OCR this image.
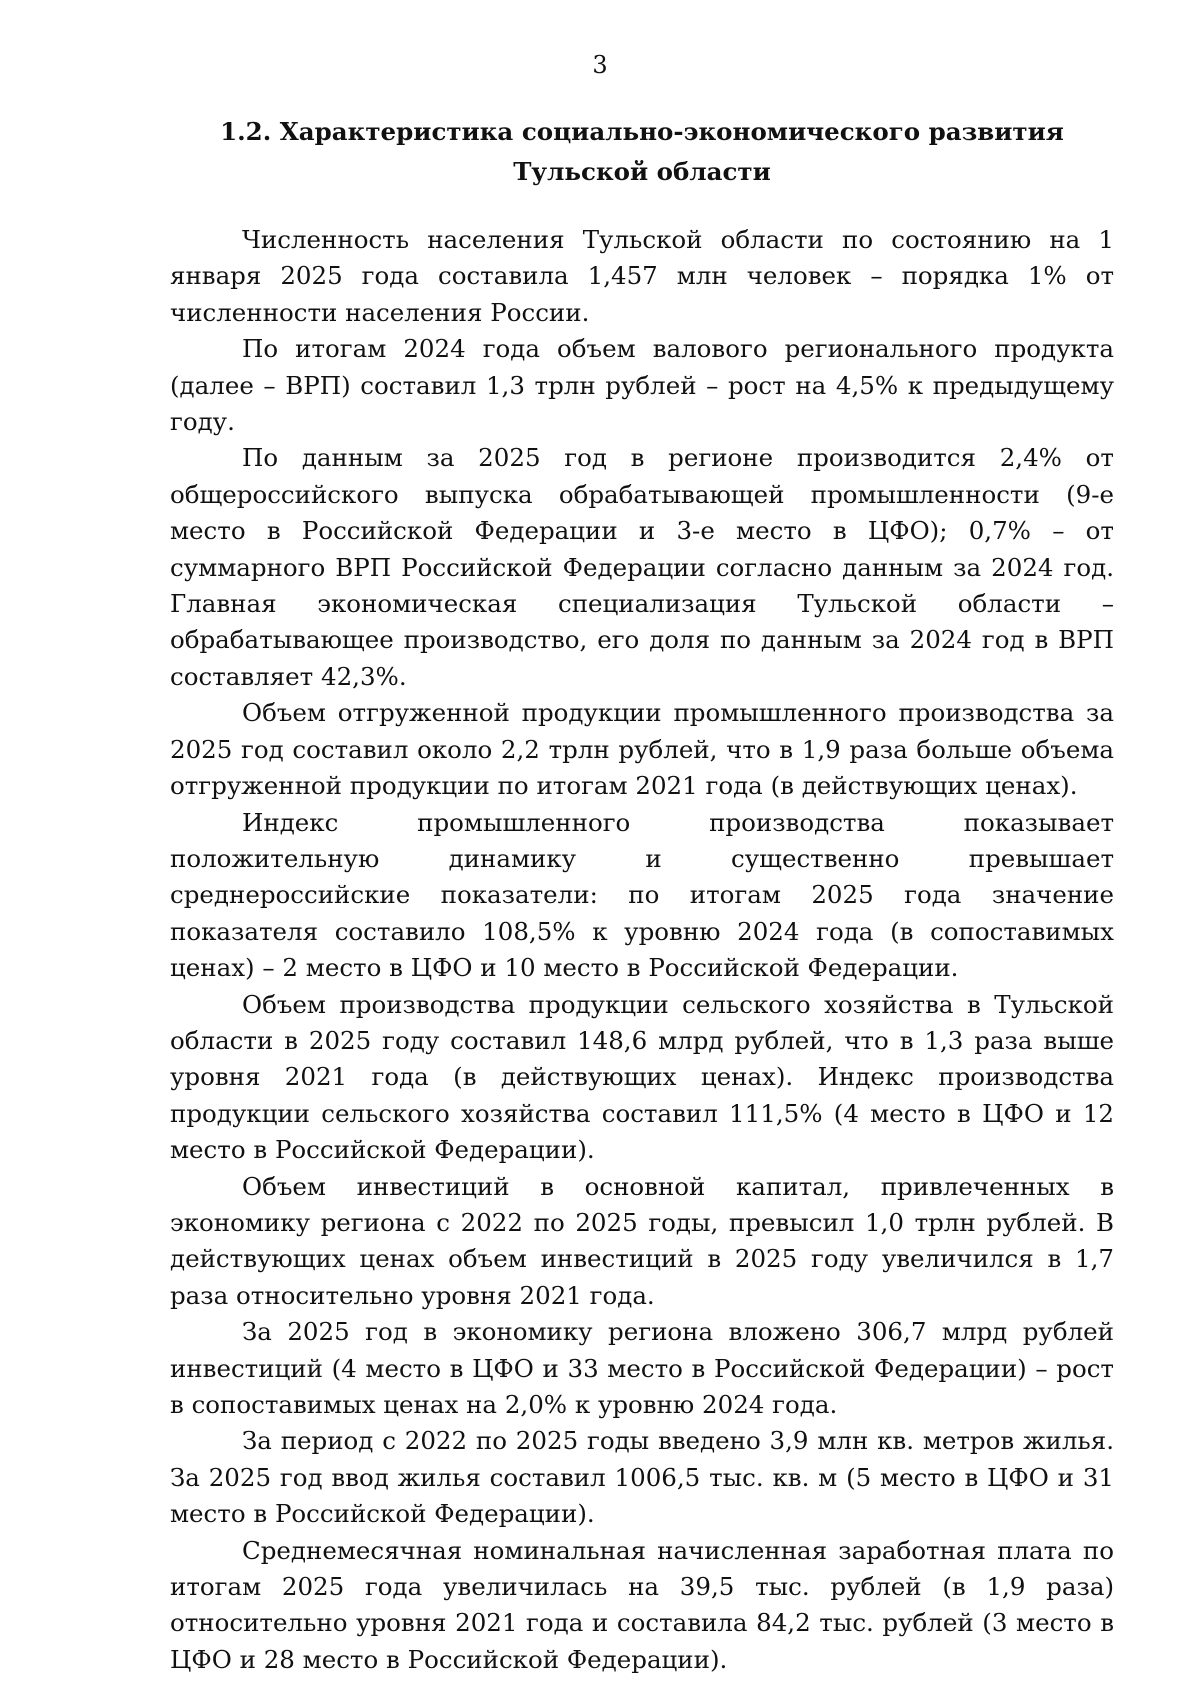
3
1.2. Характеристика социально-экономического развития
Тульской области

Численность населения Тульской области по состоянию на 1 января 2025 года составила 1,457 млн человек – порядка 1% от численности населения России.

По итогам 2024 года объем валового регионального продукта (далее – ВРП) составил 1,3 трлн рублей – рост на 4,5% к предыдущему году.

По данным за 2025 год в регионе производится 2,4% от общероссийского выпуска обрабатывающей промышленности (9-е место в Российской Федерации и 3-е место в ЦФО); 0,7% – от суммарного ВРП Российской Федерации согласно данным за 2024 год. Главная экономическая специализация Тульской области – обрабатывающее производство, его доля по данным за 2024 год в ВРП составляет 42,3%.

Объем отгруженной продукции промышленного производства за 2025 год составил около 2,2 трлн рублей, что в 1,9 раза больше объема отгруженной продукции по итогам 2021 года (в действующих ценах).

Индекс промышленного производства показывает положительную динамику и существенно превышает среднероссийские показатели: по итогам 2025 года значение показателя составило 108,5% к уровню 2024 года (в сопоставимых ценах) – 2 место в ЦФО и 10 место в Российской Федерации.

Объем производства продукции сельского хозяйства в Тульской области в 2025 году составил 148,6 млрд рублей, что в 1,3 раза выше уровня 2021 года (в действующих ценах). Индекс производства продукции сельского хозяйства составил 111,5% (4 место в ЦФО и 12 место в Российской Федерации).

Объем инвестиций в основной капитал, привлеченных в экономику региона с 2022 по 2025 годы, превысил 1,0 трлн рублей. В действующих ценах объем инвестиций в 2025 году увеличился в 1,7 раза относительно уровня 2021 года.

За 2025 год в экономику региона вложено 306,7 млрд рублей инвестиций (4 место в ЦФО и 33 место в Российской Федерации) – рост в сопоставимых ценах на 2,0% к уровню 2024 года.

За период с 2022 по 2025 годы введено 3,9 млн кв. метров жилья. За 2025 год ввод жилья составил 1006,5 тыс. кв. м (5 место в ЦФО и 31 место в Российской Федерации).

Среднемесячная номинальная начисленная заработная плата по итогам 2025 года увеличилась на 39,5 тыс. рублей (в 1,9 раза) относительно уровня 2021 года и составила 84,2 тыс. рублей (3 место в ЦФО и 28 место в Российской Федерации).
